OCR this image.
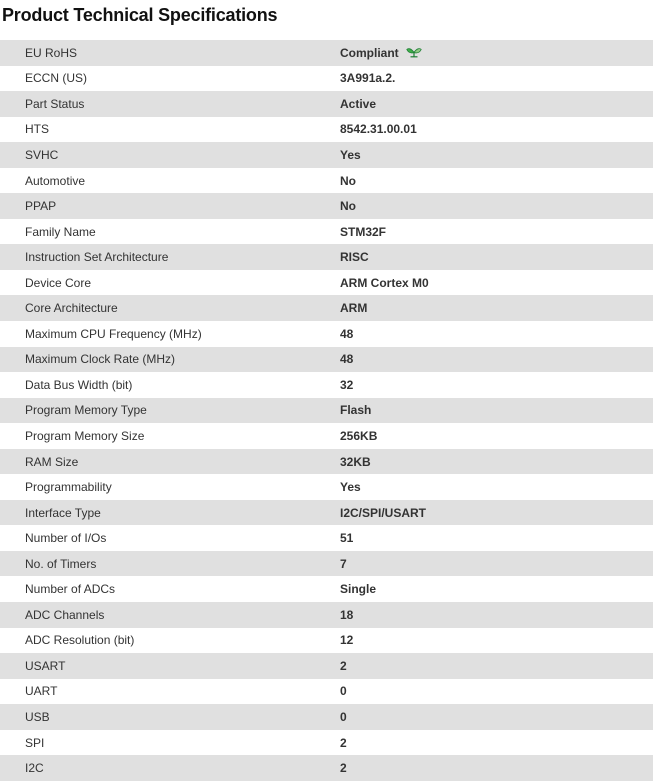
Product Technical Specifications
EU RoHS	Compliant
ECCN (US)	3A991a.2.
Part Status	Active
HTS	8542.31.00.01
SVHC	Yes
Automotive	No
PPAP	No
Family Name	STM32F
Instruction Set Architecture	RISC
Device Core	ARM Cortex M0
Core Architecture	ARM
Maximum CPU Frequency (MHz)	48
Maximum Clock Rate (MHz)	48
Data Bus Width (bit)	32
Program Memory Type	Flash
Program Memory Size	256KB
RAM Size	32KB
Programmability	Yes
Interface Type	I2C/SPI/USART
Number of I/Os	51
No. of Timers	7
Number of ADCs	Single
ADC Channels	18
ADC Resolution (bit)	12
USART	2
UART	0
USB	0
SPI	2
I2C	2
